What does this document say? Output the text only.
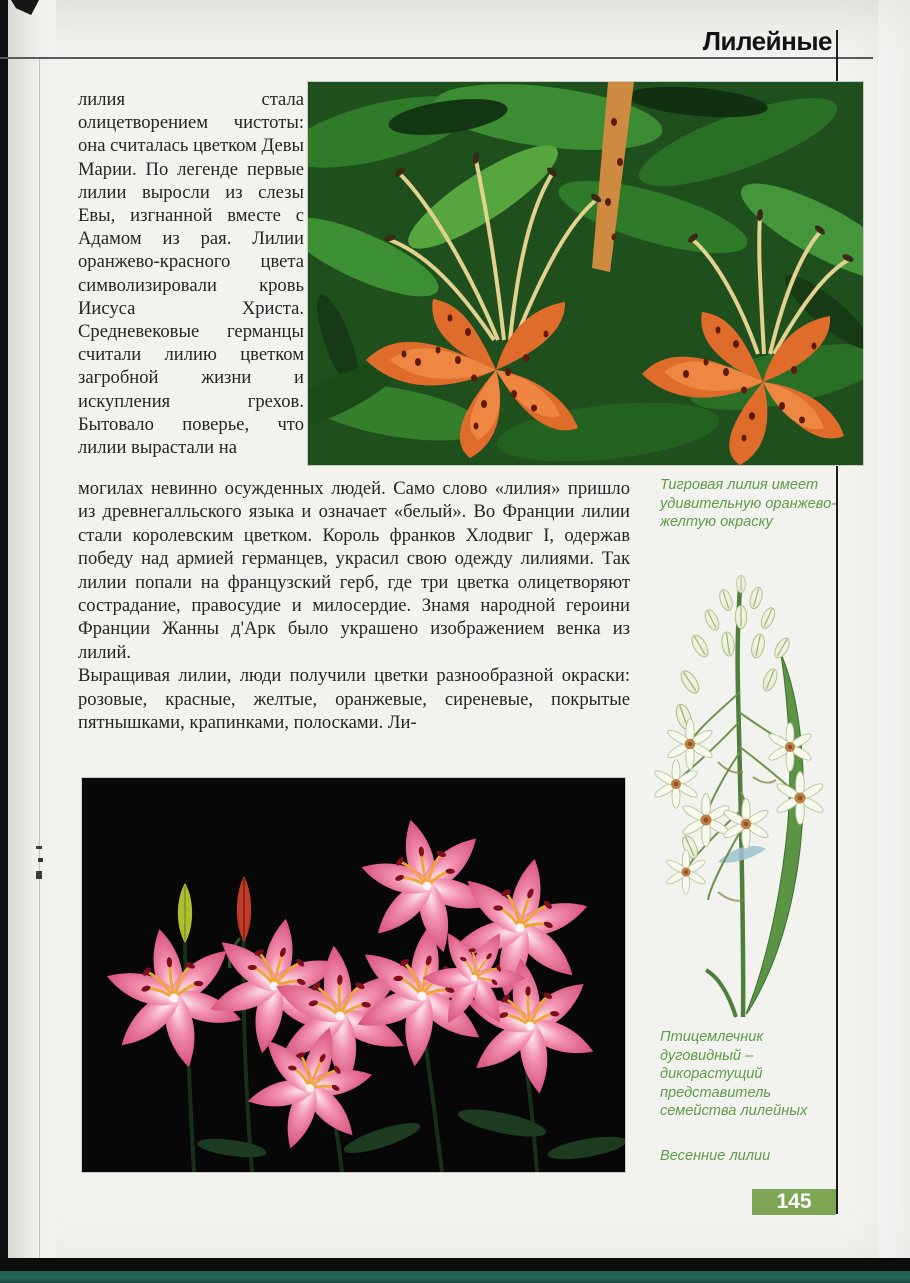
Лилейные
лилия стала олицетворением чистоты: она считалась цветком Девы Марии. По легенде первые лилии выросли из слезы Евы, изгнанной вместе с Адамом из рая. Лилии оранжево-красного цвета символизировали кровь Иисуса Христа. Средневековые германцы считали лилию цветком загробной жизни и искупления грехов. Бытовало поверье, что лилии вырастали на

могилах невинно осужденных людей. Само слово «лилия» пришло из древнегалльского языка и означает «белый». Во Франции лилии стали королевским цветком. Король франков Хлодвиг I, одержав победу над армией германцев, украсил свою одежду лилиями. Так лилии попали на французский герб, где три цветка олицетворяют сострадание, правосудие и милосердие. Знамя народной героини Франции Жанны д'Арк было украшено изображением венка из лилий.

Выращивая лилии, люди получили цветки разнообразной окраски: розовые, красные, желтые, оранжевые, сиреневые, покрытые пятнышками, крапинками, полосками. Ли-

Тигровая лилия имеет удивительную оранжево-желтую окраску
Птицемлечник дуговидный – дикорастущий представитель семейства лилейных
Весенние лилии
145
